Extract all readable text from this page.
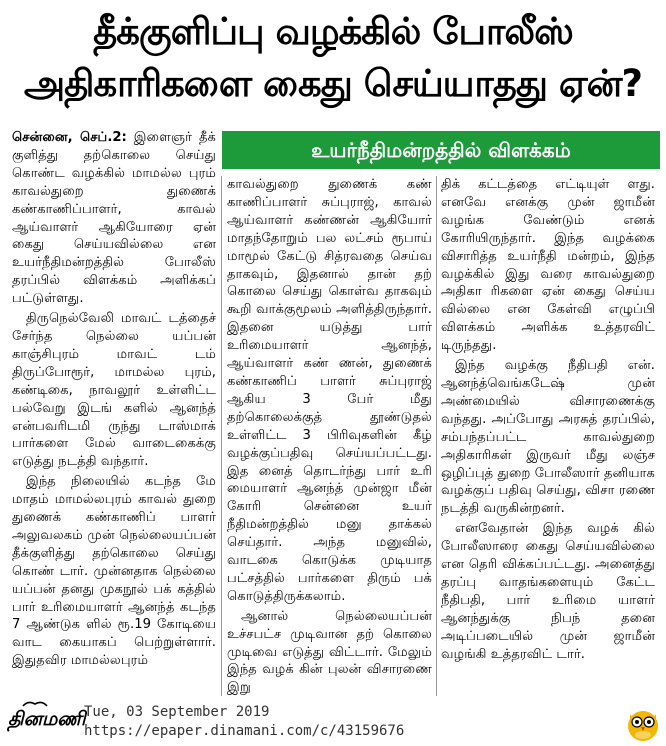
தீக்குளிப்பு வழக்கில் போலீஸ்
அதிகாரிகளை கைது செய்யாதது ஏன்?
உயர்நீதிமன்றத்தில் விளக்கம்

சென்னை, செப்.2: இளைஞர் தீக் குளித்து தற்கொலை செய்து கொண்ட வழக்கில் மாமல்ல புரம் காவல்துறை துணைக் கண்காணிப்பாளர், காவல் ஆய்வாளர் ஆகியோரை ஏன் கைது செய்யவில்லை என உயர்நீதிமன்றத்தில் போலீஸ் தரப்பில் விளக்கம் அளிக்கப் பட்டுள்ளது.

திருநெல்வேலி மாவட் டத்தைச் சேர்ந்த நெல்லை யப்பன் காஞ்சிபுரம் மாவட் டம் திருப்போரூர், மாமல்ல புரம், கண்டிகை, நாவலூர் உள்ளிட்ட பல்வேறு இடங் களில் ஆனந்த் என்பவரிடமி ருந்து டாஸ்மாக் பார்களை மேல் வாடைகைக்கு எடுத்து நடத்தி வந்தார்.

இந்த நிலையில் கடந்த மே மாதம் மாமல்லபுரம் காவல் துறை துணைக் கண்காணிப் பாளர் அலுவலகம் முன் நெல்லையப்பன் தீக்குளித்து தற்கொலை செய்து கொண் டார். முன்னதாக நெல்லை யப்பன் தனது முகநூல் பக் கத்தில் பார் உரிமையாளர் ஆனந்த் கடந்த 7 ஆண்டுக ளில் ரூ.19 கோடியை வாட கையாகப் பெற்றுள்ளார். இதுதவிர மாமல்லபுரம்

காவல்துறை துணைக் கண் காணிப்பாளர் சுப்புராஜ், காவல் ஆய்வாளர் கண்ணன் ஆகியோர் மாதந்தோறும் பல லட்சம் ரூபாய் மாமூல் கேட்டு சித்ரவதை செய்வ தாகவும், இதனால் தான் தற் கொலை செய்து கொள்வ தாகவும் கூறி வாக்குமூலம் அளித்திருந்தார். இதனை யடுத்து பார் உரிமையாளர் ஆனந்த், ஆய்வாளர் கண் ணன், துணைக் கண்காணிப் பாளர் சுப்புராஜ் ஆகிய 3 பேர் மீது தற்கொலைக்குத் தூண்டுதல் உள்ளிட்ட 3 பிரிவுகளின் கீழ் வழக்குப்பதிவு செய்யப்பட்டது. இத னைத் தொடர்ந்து பார் உரி மையாளர் ஆனந்த் முன்ஜா மீன் கோரி சென்னை உயர் நீதிமன்றத்தில் மனு தாக்கல் செய்தார். அந்த மனுவில், வாடகை கொடுக்க முடியாத பட்சத்தில் பார்களை திரும் பக் கொடுத்திருக்கலாம்.

ஆனால் நெல்லையப்பன் உச்சபட்ச முடிவான தற் கொலை முடிவை எடுத்து விட்டார். மேலும் இந்த வழக் கின் புலன் விசாரணை இறு

திக் கட்டத்தை எட்டியுள் ளது. எனவே எனக்கு முன் ஜாமீன் வழங்க வேண்டும் எனக் கோரியிருந்தார். இந்த வழக்கை விசாரித்த உயர்நீதி மன்றம், இந்த வழக்கில் இது வரை காவல்துறை அதிகா ரிகளை ஏன் கைது செய்ய வில்லை என கேள்வி எழுப்பி விளக்கம் அளிக்க உத்தரவிட் டிருந்தது.

இந்த வழக்கு நீதிபதி என். ஆனந்த்வெங்கடேஷ் முன் அண்மையில் விசாரணைக்கு வந்தது. அப்போது அரசுத் தரப்பில், சம்பந்தப்பட்ட காவல்துறை அதிகாரிகள் இருவர் மீது லஞ்ச ஒழிப்புத் துறை போலீஸார் தனியாக வழக்குப் பதிவு செய்து, விசா ரணை நடத்தி வருகின்றனர்.

எனவேதான் இந்த வழக் கில் போலீஸாரை கைது செய்யவில்லை என தெரி விக்கப்பட்டது. அனைத்து தரப்பு வாதங்களையும் கேட்ட நீதிபதி, பார் உரிமை யாளர் ஆனந்துக்கு நிபந் தனை அடிப்படையில் முன் ஜாமீன் வழங்கி உத்தரவிட் டார்.

தினமணி
Tue, 03 September 2019
https://epaper.dinamani.com/c/43159676
